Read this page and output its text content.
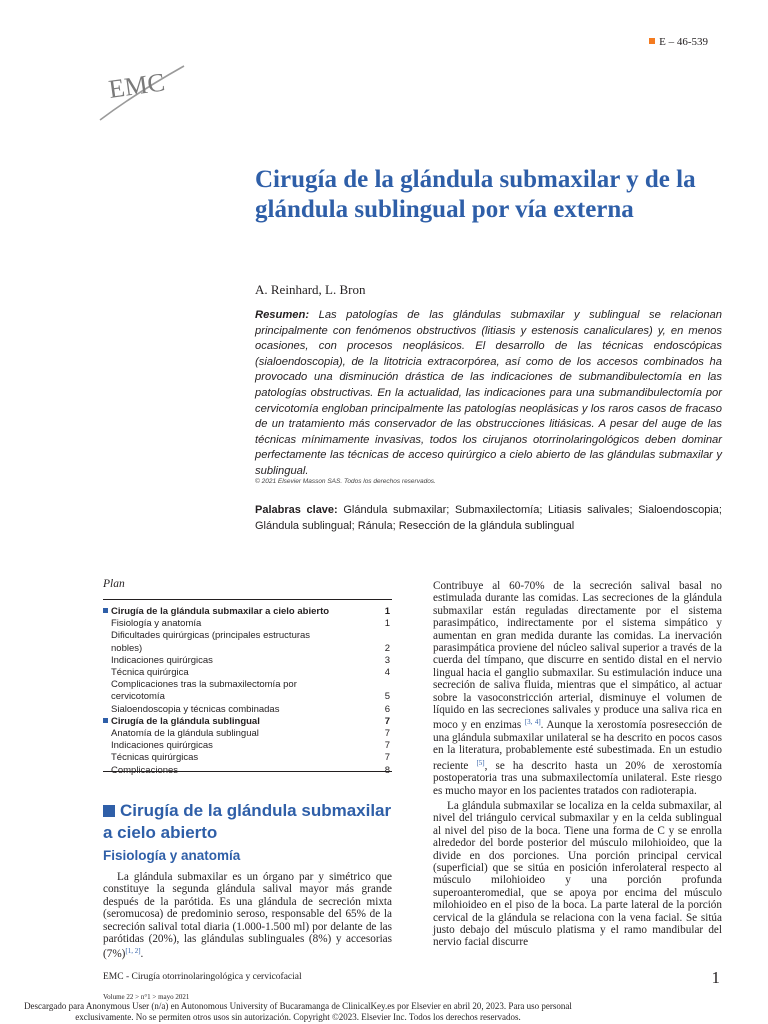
E – 46-539
EMC
Cirugía de la glándula submaxilar y de la glándula sublingual por vía externa
A. Reinhard, L. Bron

Resumen: Las patologías de las glándulas submaxilar y sublingual se relacionan principalmente con fenómenos obstructivos (litiasis y estenosis canaliculares) y, en menos ocasiones, con procesos neoplásicos. El desarrollo de las técnicas endoscópicas (sialoendoscopia), de la litotricia extracorpórea, así como de los accesos combinados ha provocado una disminución drástica de las indicaciones de submandibulectomía en las patologías obstructivas. En la actualidad, las indicaciones para una submandibulectomía por cervicotomía engloban principalmente las patologías neoplásicas y los raros casos de fracaso de un tratamiento más conservador de las obstrucciones litiásicas. A pesar del auge de las técnicas mínimamente invasivas, todos los cirujanos otorrinolaringológicos deben dominar perfectamente las técnicas de acceso quirúrgico a cielo abierto de las glándulas submaxilar y sublingual.

© 2021 Elsevier Masson SAS. Todos los derechos reservados.

Palabras clave: Glándula submaxilar; Submaxilectomía; Litiasis salivales; Sialoendoscopia; Glándula sublingual; Ránula; Resección de la glándula sublingual

Plan
Cirugía de la glándula submaxilar a cielo abierto	1
Fisiología y anatomía	1
Dificultades quirúrgicas (principales estructuras nobles)	2
Indicaciones quirúrgicas	3
Técnica quirúrgica	4
Complicaciones tras la submaxilectomía por cervicotomía	5
Sialoendoscopia y técnicas combinadas	6
Cirugía de la glándula sublingual	7
Anatomía de la glándula sublingual	7
Indicaciones quirúrgicas	7
Técnicas quirúrgicas	7
Complicaciones	8
Cirugía de la glándula submaxilar a cielo abierto
Fisiología y anatomía

La glándula submaxilar es un órgano par y simétrico que constituye la segunda glándula salival mayor más grande después de la parótida. Es una glándula de secreción mixta (seromucosa) de predominio seroso, responsable del 65% de la secreción salival total diaria (1.000-1.500 ml) por delante de las parótidas (20%), las glándulas sublinguales (8%) y accesorias (7%)[1, 2].

Contribuye al 60-70% de la secreción salival basal no estimulada durante las comidas. Las secreciones de la glándula submaxilar están reguladas directamente por el sistema parasimpático, indirectamente por el sistema simpático y aumentan en gran medida durante las comidas. La inervación parasimpática proviene del núcleo salival superior a través de la cuerda del tímpano, que discurre en sentido distal en el nervio lingual hacia el ganglio submaxilar. Su estimulación induce una secreción de saliva fluida, mientras que el simpático, al actuar sobre la vasoconstricción arterial, disminuye el volumen de líquido en las secreciones salivales y produce una saliva rica en moco y en enzimas [3, 4]. Aunque la xerostomía posresección de una glándula submaxilar unilateral se ha descrito en pocos casos en la literatura, probablemente esté subestimada. En un estudio reciente [5], se ha descrito hasta un 20% de xerostomía postoperatoria tras una submaxilectomía unilateral. Este riesgo es mucho mayor en los pacientes tratados con radioterapia.

La glándula submaxilar se localiza en la celda submaxilar, al nivel del triángulo cervical submaxilar y en la celda sublingual al nivel del piso de la boca. Tiene una forma de C y se enrolla alrededor del borde posterior del músculo milohioideo, que la divide en dos porciones. Una porción principal cervical (superficial) que se sitúa en posición inferolateral respecto al músculo milohioideo y una porción profunda superoanteromedial, que se apoya por encima del músculo milohioideo en el piso de la boca. La parte lateral de la porción cervical de la glándula se relaciona con la vena facial. Se sitúa justo debajo del músculo platisma y el ramo mandibular del nervio facial discurre

EMC - Cirugía otorrinolaringológica y cervicofacial	1
Volume 22 > n°1 > mayo 2021
Descargado para Anonymous User (n/a) en Autonomous University of Bucaramanga de ClinicalKey.es por Elsevier en abril 20, 2023. Para uso personal exclusivamente. No se permiten otros usos sin autorización. Copyright ©2023. Elsevier Inc. Todos los derechos reservados.
